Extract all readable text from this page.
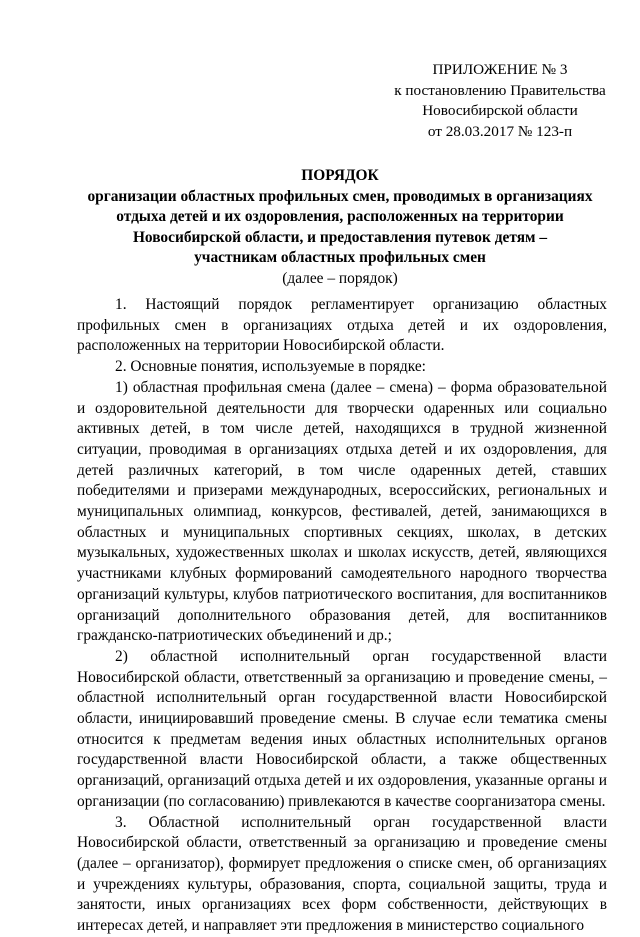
ПРИЛОЖЕНИЕ № 3
к постановлению Правительства
Новосибирской области
от 28.03.2017 № 123-п
ПОРЯДОК
организации областных профильных смен, проводимых в организациях
отдыха детей и их оздоровления, расположенных на территории
Новосибирской области, и предоставления путевок детям –
участникам областных профильных смен
(далее – порядок)

1. Настоящий порядок регламентирует организацию областных профильных смен в организациях отдыха детей и их оздоровления, расположенных на территории Новосибирской области.

2. Основные понятия, используемые в порядке:

1) областная профильная смена (далее – смена) – форма образовательной и оздоровительной деятельности для творчески одаренных или социально активных детей, в том числе детей, находящихся в трудной жизненной ситуации, проводимая в организациях отдыха детей и их оздоровления, для детей различных категорий, в том числе одаренных детей, ставших победителями и призерами международных, всероссийских, региональных и муниципальных олимпиад, конкурсов, фестивалей, детей, занимающихся в областных и муниципальных спортивных секциях, школах, в детских музыкальных, художественных школах и школах искусств, детей, являющихся участниками клубных формирований самодеятельного народного творчества организаций культуры, клубов патриотического воспитания, для воспитанников организаций дополнительного образования детей, для воспитанников гражданско-патриотических объединений и др.;

2) областной исполнительный орган государственной власти Новосибирской области, ответственный за организацию и проведение смены, – областной исполнительный орган государственной власти Новосибирской области, инициировавший проведение смены. В случае если тематика смены относится к предметам ведения иных областных исполнительных органов государственной власти Новосибирской области, а также общественных организаций, организаций отдыха детей и их оздоровления, указанные органы и организации (по согласованию) привлекаются в качестве соорганизатора смены.

3. Областной исполнительный орган государственной власти Новосибирской области, ответственный за организацию и проведение смены (далее – организатор), формирует предложения о списке смен, об организациях и учреждениях культуры, образования, спорта, социальной защиты, труда и занятости, иных организациях всех форм собственности, действующих в интересах детей, и направляет эти предложения в министерство социального
